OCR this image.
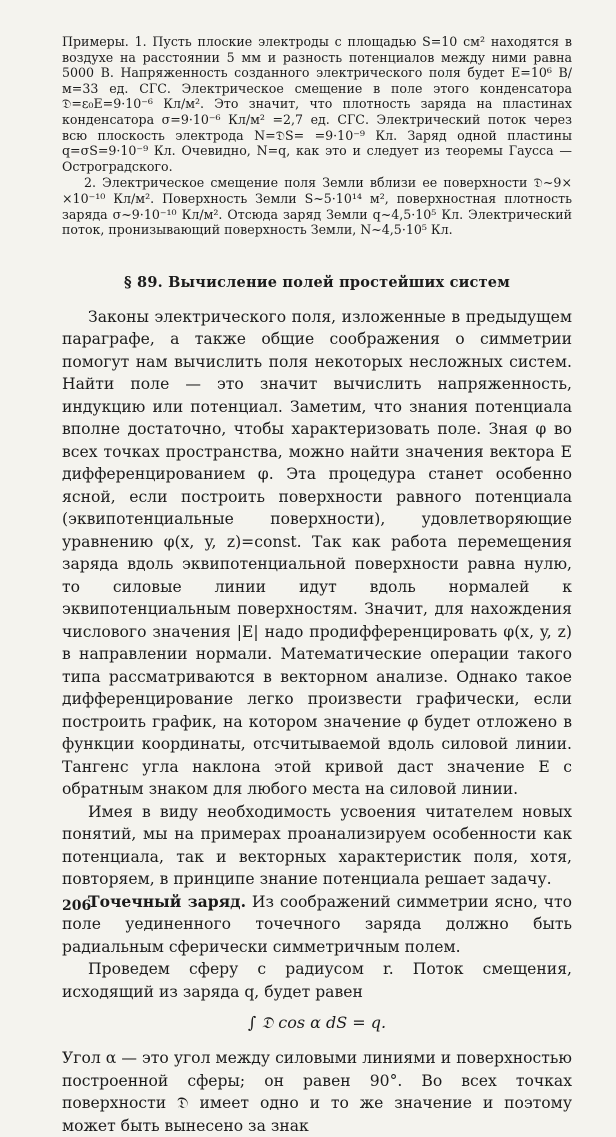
Примеры. 1. Пусть плоские электроды с площадью S=10 см² находятся в воздухе на расстоянии 5 мм и разность потенциалов между ними равна 5000 В. Напряженность созданного электрического поля будет E=10⁶ В/м=33 ед. СГС. Электрическое смещение в поле этого конденсатора 𝔇=ε₀E=9·10⁻⁶ Кл/м². Это значит, что плотность заряда на пластинах конденсатора σ=9·10⁻⁶ Кл/м² =2,7 ед. СГС. Электрический поток через всю плоскость электрода N=𝔇S= =9·10⁻⁹ Кл. Заряд одной пластины q=σS=9·10⁻⁹ Кл. Очевидно, N=q, как это и следует из теоремы Гаусса — Остроградского.

2. Электрическое смещение поля Земли вблизи ее поверхности 𝔇~9× ×10⁻¹⁰ Кл/м². Поверхность Земли S~5·10¹⁴ м², поверхностная плотность заряда σ~9·10⁻¹⁰ Кл/м². Отсюда заряд Земли q~4,5·10⁵ Кл. Электрический поток, пронизывающий поверхность Земли, N~4,5·10⁵ Кл.

§ 89. Вычисление полей простейших систем

Законы электрического поля, изложенные в предыдущем параграфе, а также общие соображения о симметрии помогут нам вычислить поля некоторых несложных систем. Найти поле — это значит вычислить напряженность, индукцию или потенциал. Заметим, что знания потенциала вполне достаточно, чтобы характеризовать поле. Зная φ во всех точках пространства, можно найти значения вектора E дифференцированием φ. Эта процедура станет особенно ясной, если построить поверхности равного потенциала (эквипотенциальные поверхности), удовлетворяющие уравнению φ(x, y, z)=const. Так как работа перемещения заряда вдоль эквипотенциальной поверхности равна нулю, то силовые линии идут вдоль нормалей к эквипотенциальным поверхностям. Значит, для нахождения числового значения |E| надо продифференцировать φ(x, y, z) в направлении нормали. Математические операции такого типа рассматриваются в векторном анализе. Однако такое дифференцирование легко произвести графически, если построить график, на котором значение φ будет отложено в функции координаты, отсчитываемой вдоль силовой линии. Тангенс угла наклона этой кривой даст значение E с обратным знаком для любого места на силовой линии.

Имея в виду необходимость усвоения читателем новых понятий, мы на примерах проанализируем особенности как потенциала, так и векторных характеристик поля, хотя, повторяем, в принципе знание потенциала решает задачу.

Точечный заряд. Из соображений симметрии ясно, что поле уединенного точечного заряда должно быть радиальным сферически симметричным полем.

Проведем сферу с радиусом r. Поток смещения, исходящий из заряда q, будет равен

∫ 𝔇 cos α dS = q.

Угол α — это угол между силовыми линиями и поверхностью построенной сферы; он равен 90°. Во всех точках поверхности 𝔇 имеет одно и то же значение и поэтому может быть вынесено за знак

206
